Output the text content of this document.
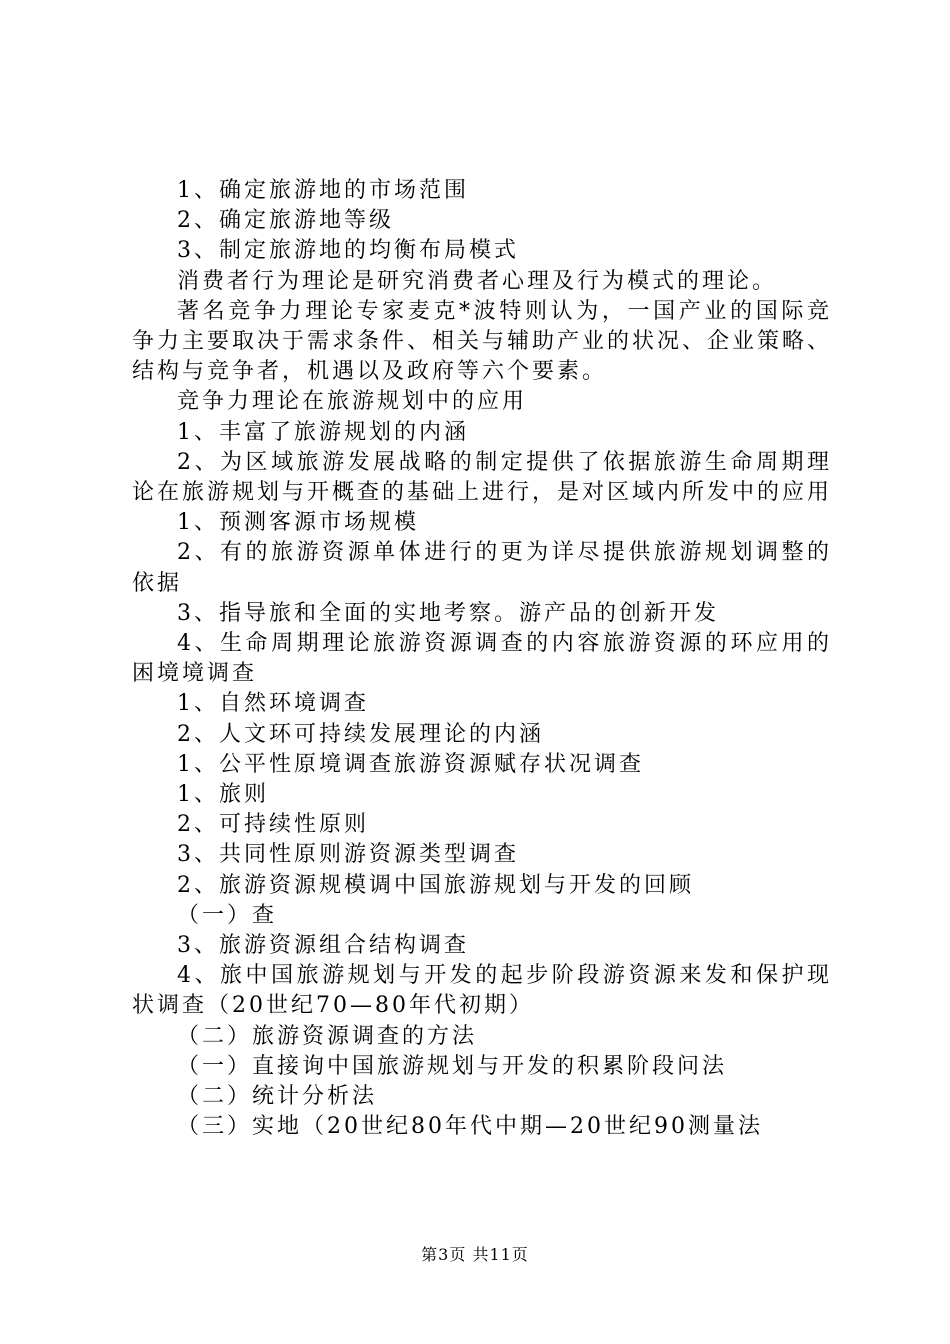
1、确定旅游地的市场范围

2、确定旅游地等级

3、制定旅游地的均衡布局模式

消费者行为理论是研究消费者心理及行为模式的理论。

著名竞争力理论专家麦克*波特则认为，一国产业的国际竞争力主要取决于需求条件、相关与辅助产业的状况、企业策略、结构与竞争者，机遇以及政府等六个要素。

竞争力理论在旅游规划中的应用

1、丰富了旅游规划的内涵

2、为区域旅游发展战略的制定提供了依据旅游生命周期理论在旅游规划与开概查的基础上进行，是对区域内所发中的应用

1、预测客源市场规模

2、有的旅游资源单体进行的更为详尽提供旅游规划调整的依据

3、指导旅和全面的实地考察。游产品的创新开发

4、生命周期理论旅游资源调查的内容旅游资源的环应用的困境境调查

1、自然环境调查

2、人文环可持续发展理论的内涵

1、公平性原境调查旅游资源赋存状况调查

1、旅则

2、可持续性原则

3、共同性原则游资源类型调查

2、旅游资源规模调中国旅游规划与开发的回顾

（一）查

3、旅游资源组合结构调查

4、旅中国旅游规划与开发的起步阶段游资源来发和保护现状调查（20世纪70—80年代初期）

（二）旅游资源调查的方法

（一）直接询中国旅游规划与开发的积累阶段问法

（二）统计分析法

（三）实地（20世纪80年代中期—20世纪90测量法

第3页 共11页
